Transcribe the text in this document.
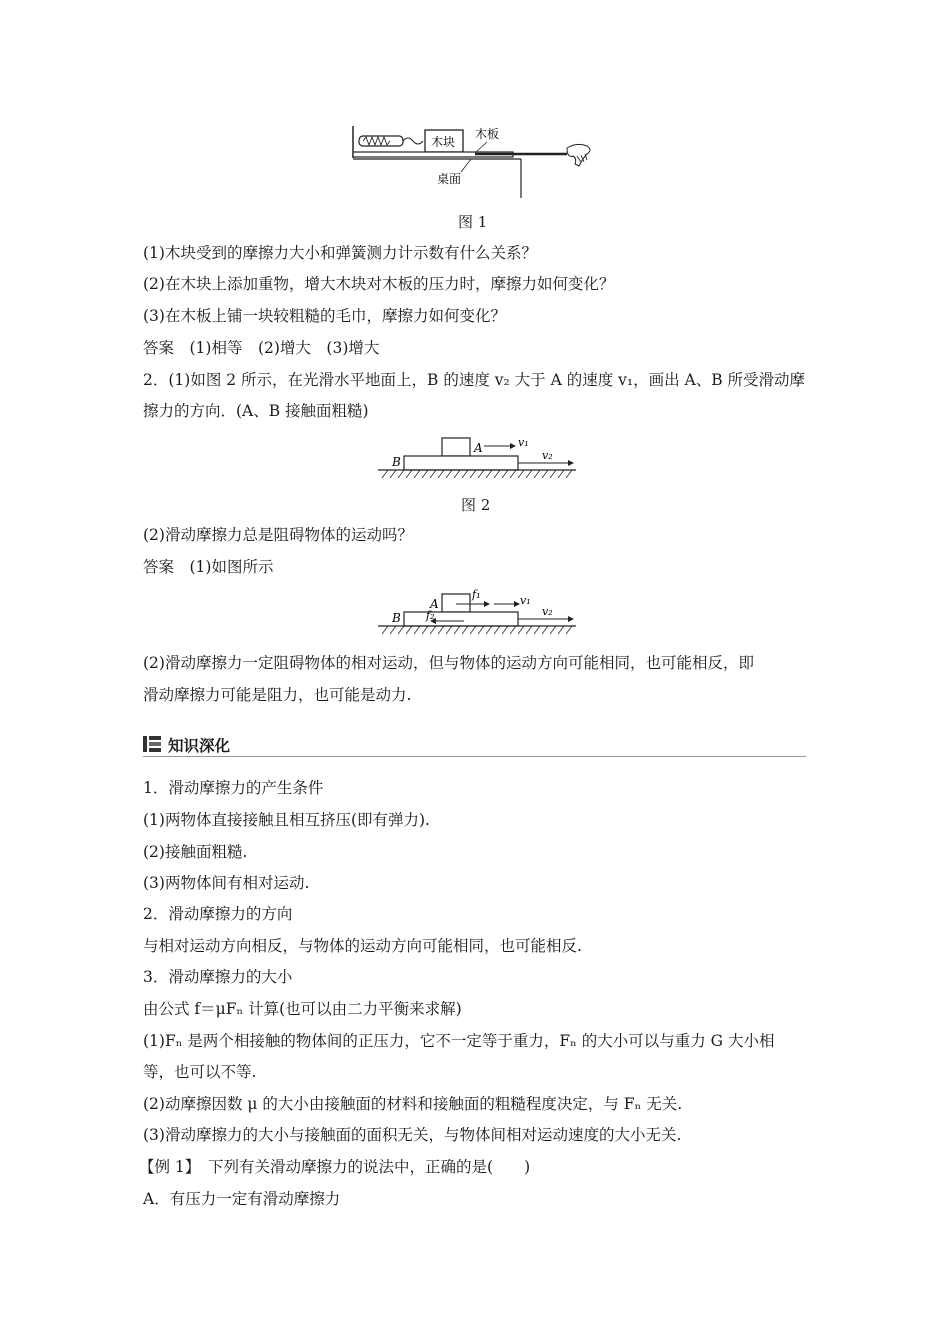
木块
木板
桌面
图 1
(1)木块受到的摩擦力大小和弹簧测力计示数有什么关系？
(2)在木块上添加重物，增大木块对木板的压力时，摩擦力如何变化？
(3)在木板上铺一块较粗糙的毛巾，摩擦力如何变化？
答案　(1)相等　(2)增大　(3)增大
2．(1)如图 2 所示，在光滑水平地面上，B 的速度 v₂ 大于 A 的速度 v₁，画出 A、B 所受滑动摩
擦力的方向．(A、B 接触面粗糙)
B
A	v₁
v₂
图 2
(2)滑动摩擦力总是阻碍物体的运动吗？
答案　(1)如图所示
B
A
f₁	v₁
f₂	v₂
(2)滑动摩擦力一定阻碍物体的相对运动，但与物体的运动方向可能相同，也可能相反，即
滑动摩擦力可能是阻力，也可能是动力.
知识深化
1．滑动摩擦力的产生条件
(1)两物体直接接触且相互挤压(即有弹力).
(2)接触面粗糙.
(3)两物体间有相对运动.
2．滑动摩擦力的方向
与相对运动方向相反，与物体的运动方向可能相同，也可能相反.
3．滑动摩擦力的大小
由公式 f＝μFₙ 计算(也可以由二力平衡来求解)
(1)Fₙ 是两个相接触的物体间的正压力，它不一定等于重力，Fₙ 的大小可以与重力 G 大小相
等，也可以不等.
(2)动摩擦因数 μ 的大小由接触面的材料和接触面的粗糙程度决定，与 Fₙ 无关.
(3)滑动摩擦力的大小与接触面的面积无关，与物体间相对运动速度的大小无关.
【例 1】　下列有关滑动摩擦力的说法中，正确的是(　　)
A．有压力一定有滑动摩擦力
